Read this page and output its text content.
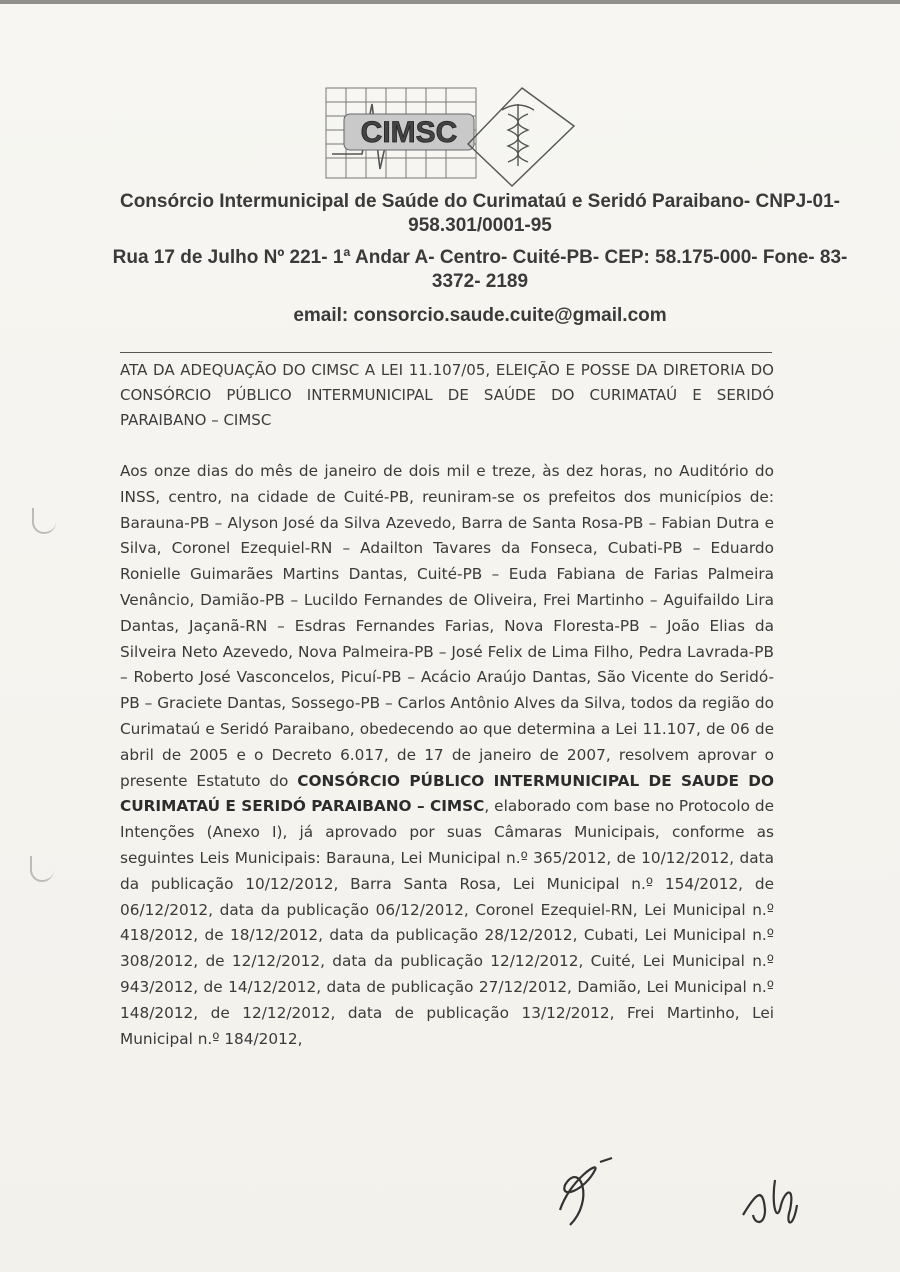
CIMSC
Consórcio Intermunicipal de Saúde do Curimataú e Seridó Paraibano- CNPJ-01-958.301/0001-95
Rua 17 de Julho Nº 221- 1ª Andar A- Centro- Cuité-PB- CEP: 58.175-000- Fone- 83- 3372- 2189
email: consorcio.saude.cuite@gmail.com
ATA DA ADEQUAÇÃO DO CIMSC A LEI 11.107/05, ELEIÇÃO E POSSE DA DIRETORIA DO CONSÓRCIO PÚBLICO INTERMUNICIPAL DE SAÚDE DO CURIMATAÚ E SERIDÓ PARAIBANO – CIMSC
Aos onze dias do mês de janeiro de dois mil e treze, às dez horas, no Auditório do INSS, centro, na cidade de Cuité-PB, reuniram-se os prefeitos dos municípios de: Barauna-PB – Alyson José da Silva Azevedo, Barra de Santa Rosa-PB – Fabian Dutra e Silva, Coronel Ezequiel-RN – Adailton Tavares da Fonseca, Cubati-PB – Eduardo Ronielle Guimarães Martins Dantas, Cuité-PB – Euda Fabiana de Farias Palmeira Venâncio, Damião-PB – Lucildo Fernandes de Oliveira, Frei Martinho – Aguifaildo Lira Dantas, Jaçanã-RN – Esdras Fernandes Farias, Nova Floresta-PB – João Elias da Silveira Neto Azevedo, Nova Palmeira-PB – José Felix de Lima Filho, Pedra Lavrada-PB – Roberto José Vasconcelos, Picuí-PB – Acácio Araújo Dantas, São Vicente do Seridó-PB – Graciete Dantas, Sossego-PB – Carlos Antônio Alves da Silva, todos da região do Curimataú e Seridó Paraibano, obedecendo ao que determina a Lei 11.107, de 06 de abril de 2005 e o Decreto 6.017, de 17 de janeiro de 2007, resolvem aprovar o presente Estatuto do CONSÓRCIO PÚBLICO INTERMUNICIPAL DE SAUDE DO CURIMATAÚ E SERIDÓ PARAIBANO – CIMSC, elaborado com base no Protocolo de Intenções (Anexo I), já aprovado por suas Câmaras Municipais, conforme as seguintes Leis Municipais: Barauna, Lei Municipal n.º 365/2012, de 10/12/2012, data da publicação 10/12/2012, Barra Santa Rosa, Lei Municipal n.º 154/2012, de 06/12/2012, data da publicação 06/12/2012, Coronel Ezequiel-RN, Lei Municipal n.º 418/2012, de 18/12/2012, data da publicação 28/12/2012, Cubati, Lei Municipal n.º 308/2012, de 12/12/2012, data da publicação 12/12/2012, Cuité, Lei Municipal n.º 943/2012, de 14/12/2012, data de publicação 27/12/2012, Damião, Lei Municipal n.º 148/2012, de 12/12/2012, data de publicação 13/12/2012, Frei Martinho, Lei Municipal n.º 184/2012,
